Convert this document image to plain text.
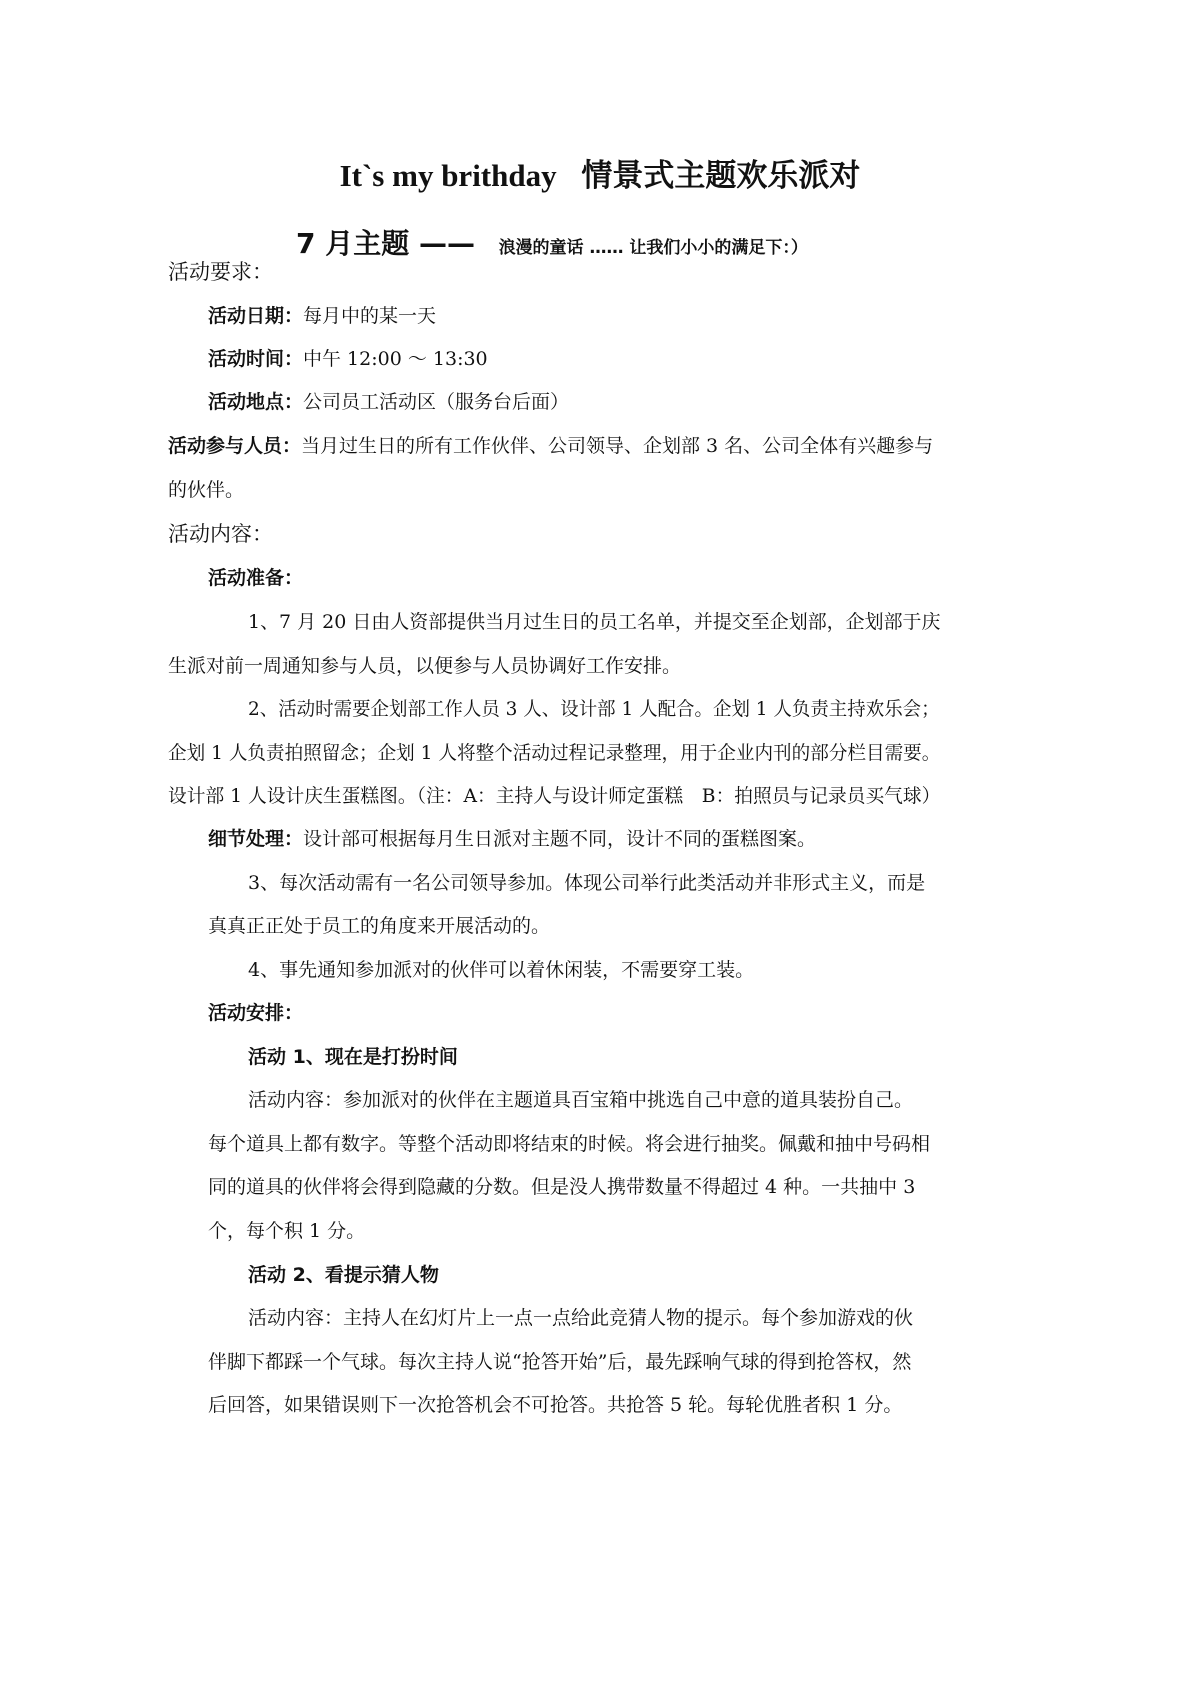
It`s my brithday 情景式主题欢乐派对
7 月主题 —— 浪漫的童话 …… 让我们小小的满足下：）
活动要求：
活动日期：每月中的某一天
活动时间：中午 12:00 ～ 13:30
活动地点：公司员工活动区（服务台后面）
活动参与人员：当月过生日的所有工作伙伴、公司领导、企划部 3 名、公司全体有兴趣参与
的伙伴。
活动内容：
活动准备：
1、7 月 20 日由人资部提供当月过生日的员工名单，并提交至企划部，企划部于庆
生派对前一周通知参与人员，以便参与人员协调好工作安排。
2、活动时需要企划部工作人员 3 人、设计部 1 人配合。企划 1 人负责主持欢乐会；
企划 1 人负责拍照留念；企划 1 人将整个活动过程记录整理，用于企业内刊的部分栏目需要。
设计部 1 人设计庆生蛋糕图。（注：A：主持人与设计师定蛋糕　B：拍照员与记录员买气球）
细节处理：设计部可根据每月生日派对主题不同，设计不同的蛋糕图案。
3、每次活动需有一名公司领导参加。体现公司举行此类活动并非形式主义，而是
真真正正处于员工的角度来开展活动的。
4、事先通知参加派对的伙伴可以着休闲装，不需要穿工装。
活动安排：
活动 1、现在是打扮时间
活动内容：参加派对的伙伴在主题道具百宝箱中挑选自己中意的道具装扮自己。
每个道具上都有数字。等整个活动即将结束的时候。将会进行抽奖。佩戴和抽中号码相
同的道具的伙伴将会得到隐藏的分数。但是没人携带数量不得超过 4 种。一共抽中 3
个，每个积 1 分。
活动 2、看提示猜人物
活动内容：主持人在幻灯片上一点一点给此竞猜人物的提示。每个参加游戏的伙
伴脚下都踩一个气球。每次主持人说“抢答开始”后，最先踩响气球的得到抢答权，然
后回答，如果错误则下一次抢答机会不可抢答。共抢答 5 轮。每轮优胜者积 1 分。
